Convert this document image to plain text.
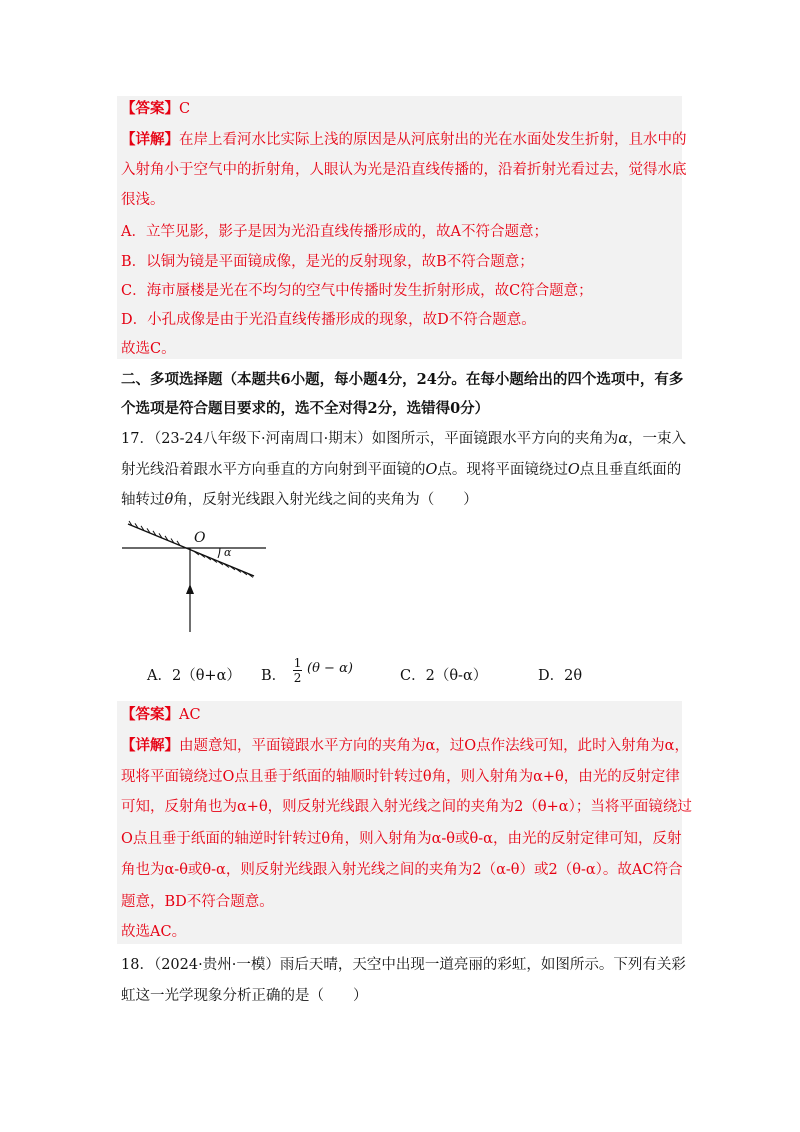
【答案】C
【详解】在岸上看河水比实际上浅的原因是从河底射出的光在水面处发生折射，且水中的
入射角小于空气中的折射角，人眼认为光是沿直线传播的，沿着折射光看过去，觉得水底
很浅。
A．立竿见影，影子是因为光沿直线传播形成的，故A不符合题意；
B．以铜为镜是平面镜成像，是光的反射现象，故B不符合题意；
C．海市蜃楼是光在不均匀的空气中传播时发生折射形成，故C符合题意；
D．小孔成像是由于光沿直线传播形成的现象，故D不符合题意。
故选C。
二、多项选择题（本题共6小题，每小题4分，24分。在每小题给出的四个选项中，有多
个选项是符合题目要求的，选不全对得2分，选错得0分）
17．（23-24八年级下·河南周口·期末）如图所示，平面镜跟水平方向的夹角为α，一束入
射光线沿着跟水平方向垂直的方向射到平面镜的O点。现将平面镜绕过O点且垂直纸面的
轴转过θ角，反射光线跟入射光线之间的夹角为（　　）
O
α
A．2（θ+α） B． $\frac{1}{2} (\theta - \alpha)$	C．2（θ-α）	D．2θ
【答案】AC
【详解】由题意知，平面镜跟水平方向的夹角为α，过O点作法线可知，此时入射角为α，
现将平面镜绕过O点且垂于纸面的轴顺时针转过θ角，则入射角为α+θ，由光的反射定律
可知，反射角也为α+θ，则反射光线跟入射光线之间的夹角为2（θ+α）；当将平面镜绕过
O点且垂于纸面的轴逆时针转过θ角，则入射角为α-θ或θ-α，由光的反射定律可知，反射
角也为α-θ或θ-α，则反射光线跟入射光线之间的夹角为2（α-θ）或2（θ-α）。故AC符合
题意，BD不符合题意。
故选AC。
18．（2024·贵州·一模）雨后天晴，天空中出现一道亮丽的彩虹，如图所示。下列有关彩
虹这一光学现象分析正确的是（　　）
